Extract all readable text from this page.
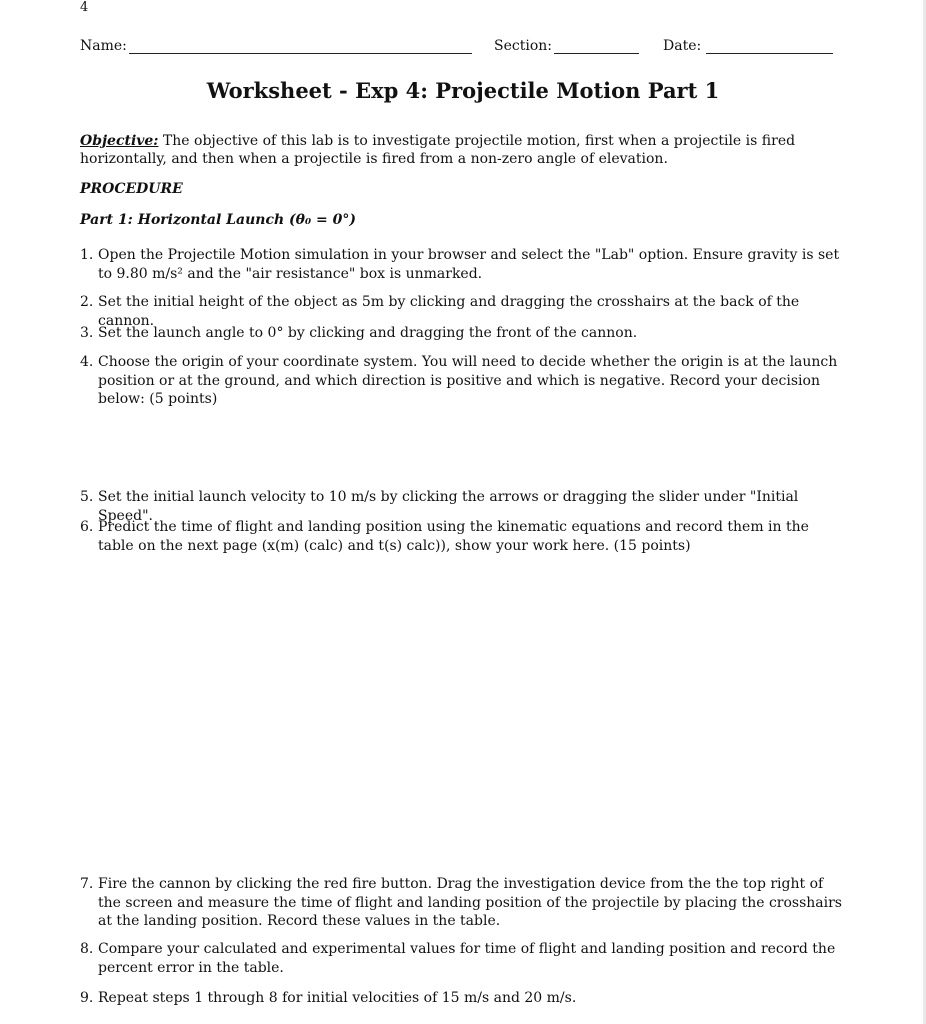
4
Name:	Section:	Date:
Worksheet - Exp 4: Projectile Motion Part 1
Objective: The objective of this lab is to investigate projectile motion, first when a projectile is fired horizontally, and then when a projectile is fired from a non-zero angle of elevation.
PROCEDURE
Part 1: Horizontal Launch (θ₀ = 0°)
1. Open the Projectile Motion simulation in your browser and select the "Lab" option. Ensure gravity is set to 9.80 m/s² and the "air resistance" box is unmarked.
2. Set the initial height of the object as 5m by clicking and dragging the crosshairs at the back of the cannon.
3. Set the launch angle to 0° by clicking and dragging the front of the cannon.
4. Choose the origin of your coordinate system. You will need to decide whether the origin is at the launch position or at the ground, and which direction is positive and which is negative. Record your decision below: (5 points)
5. Set the initial launch velocity to 10 m/s by clicking the arrows or dragging the slider under "Initial Speed".
6. Predict the time of flight and landing position using the kinematic equations and record them in the table on the next page (x(m) (calc) and t(s) calc)), show your work here. (15 points)
7. Fire the cannon by clicking the red fire button. Drag the investigation device from the the top right of the screen and measure the time of flight and landing position of the projectile by placing the crosshairs at the landing position. Record these values in the table.
8. Compare your calculated and experimental values for time of flight and landing position and record the percent error in the table.
9. Repeat steps 1 through 8 for initial velocities of 15 m/s and 20 m/s.
